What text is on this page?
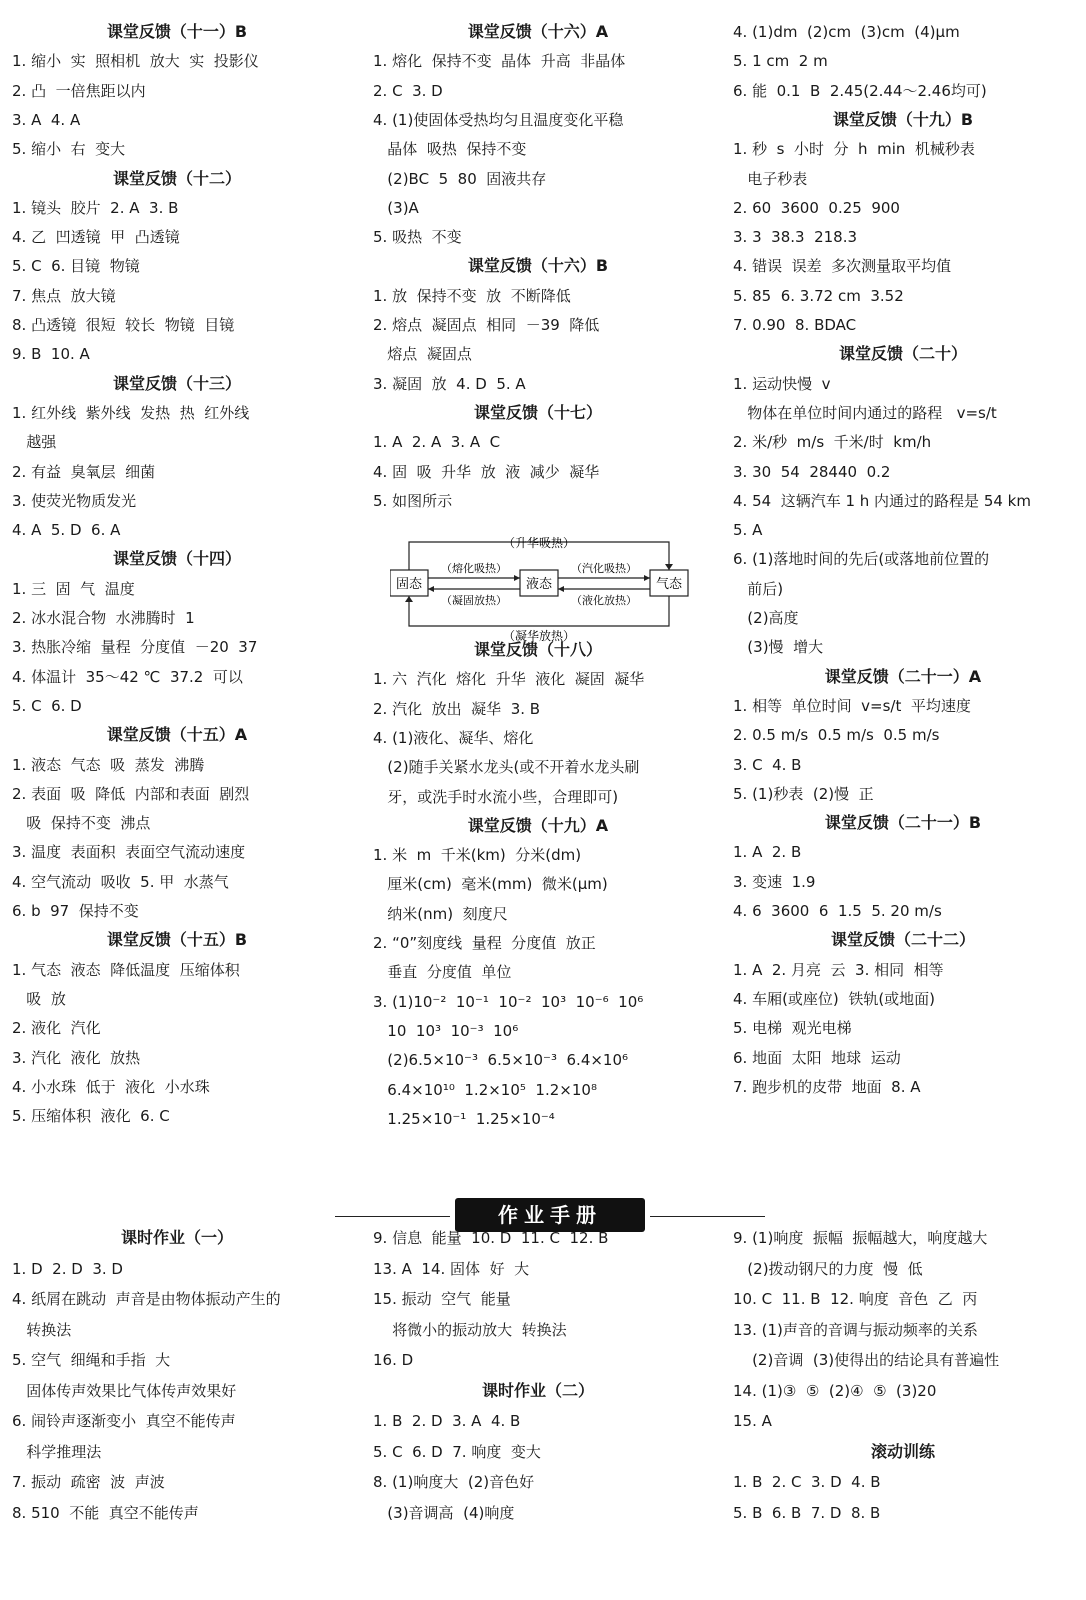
课堂反馈（十一）B
1. 缩小  实  照相机  放大  实  投影仪
2. 凸  一倍焦距以内
3. A  4. A
5. 缩小  右  变大
课堂反馈（十二）
1. 镜头  胶片  2. A  3. B
4. 乙  凹透镜  甲  凸透镜
5. C  6. 目镜  物镜
7. 焦点  放大镜
8. 凸透镜  很短  较长  物镜  目镜
9. B  10. A
课堂反馈（十三）
1. 红外线  紫外线  发热  热  红外线
越强
2. 有益  臭氧层  细菌
3. 使荧光物质发光
4. A  5. D  6. A
课堂反馈（十四）
1. 三  固  气  温度
2. 冰水混合物  水沸腾时  1
3. 热胀冷缩  量程  分度值  －20  37
4. 体温计  35～42 ℃  37.2  可以
5. C  6. D
课堂反馈（十五）A
1. 液态  气态  吸  蒸发  沸腾
2. 表面  吸  降低  内部和表面  剧烈
吸  保持不变  沸点
3. 温度  表面积  表面空气流动速度
4. 空气流动  吸收  5. 甲  水蒸气
6. b  97  保持不变
课堂反馈（十五）B
1. 气态  液态  降低温度  压缩体积
吸  放
2. 液化  汽化
3. 汽化  液化  放热
4. 小水珠  低于  液化  小水珠
5. 压缩体积  液化  6. C
课堂反馈（十六）A
1. 熔化  保持不变  晶体  升高  非晶体
2. C  3. D
4. (1)使固体受热均匀且温度变化平稳
晶体  吸热  保持不变
(2)BC  5  80  固液共存
(3)A
5. 吸热  不变
课堂反馈（十六）B
1. 放  保持不变  放  不断降低
2. 熔点  凝固点  相同  －39  降低
熔点  凝固点
3. 凝固  放  4. D  5. A
课堂反馈（十七）
1. A  2. A  3. A  C
4. 固  吸  升华  放  液  减少  凝华
5. 如图所示
4. (1)dm  (2)cm  (3)cm  (4)μm
5. 1 cm  2 m
6. 能  0.1  B  2.45(2.44～2.46均可)
课堂反馈（十九）B
1. 秒  s  小时  分  h  min  机械秒表
电子秒表
2. 60  3600  0.25  900
3. 3  38.3  218.3
4. 错误  误差  多次测量取平均值
5. 85  6. 3.72 cm  3.52
7. 0.90  8. BDAC
课堂反馈（二十）
1. 运动快慢  v
物体在单位时间内通过的路程   v=s/t
2. 米/秒  m/s  千米/时  km/h
3. 30  54  28440  0.2
4. 54  这辆汽车 1 h 内通过的路程是 54 km
5. A
6. (1)落地时间的先后(或落地前位置的
前后)
(2)高度
(3)慢  增大
课堂反馈（二十一）A
1. 相等  单位时间  v=s/t  平均速度
2. 0.5 m/s  0.5 m/s  0.5 m/s
3. C  4. B
5. (1)秒表  (2)慢  正
课堂反馈（二十一）B
1. A  2. B
3. 变速  1.9
4. 6  3600  6  1.5  5. 20 m/s
课堂反馈（二十二）
1. A  2. 月亮  云  3. 相同  相等
4. 车厢(或座位)  铁轨(或地面)
5. 电梯  观光电梯
6. 地面  太阳  地球  运动
7. 跑步机的皮带  地面  8. A
固态	液态	气态
（升华吸热）
（凝华放热）
（熔化吸热）
（凝固放热）
（汽化吸热）
（液化放热）
课堂反馈（十八）
1. 六  汽化  熔化  升华  液化  凝固  凝华
2. 汽化  放出  凝华  3. B
4. (1)液化、凝华、熔化
(2)随手关紧水龙头(或不开着水龙头刷
牙，或洗手时水流小些，合理即可)
课堂反馈（十九）A
1. 米  m  千米(km)  分米(dm)
厘米(cm)  毫米(mm)  微米(μm)
纳米(nm)  刻度尺
2. “0”刻度线  量程  分度值  放正
垂直  分度值  单位
3. (1)10⁻²  10⁻¹  10⁻²  10³  10⁻⁶  10⁶
10  10³  10⁻³  10⁶
(2)6.5×10⁻³  6.5×10⁻³  6.4×10⁶
6.4×10¹⁰  1.2×10⁵  1.2×10⁸
1.25×10⁻¹  1.25×10⁻⁴
作业手册
课时作业（一）
1. D  2. D  3. D
4. 纸屑在跳动  声音是由物体振动产生的
转换法
5. 空气  细绳和手指  大
固体传声效果比气体传声效果好
6. 闹铃声逐渐变小  真空不能传声
科学推理法
7. 振动  疏密  波  声波
8. 510  不能  真空不能传声
9. 信息  能量  10. D  11. C  12. B
13. A  14. 固体  好  大
15. 振动  空气  能量
将微小的振动放大  转换法
16. D
课时作业（二）
1. B  2. D  3. A  4. B
5. C  6. D  7. 响度  变大
8. (1)响度大  (2)音色好
(3)音调高  (4)响度
9. (1)响度  振幅  振幅越大，响度越大
(2)拨动钢尺的力度  慢  低
10. C  11. B  12. 响度  音色  乙  丙
13. (1)声音的音调与振动频率的关系
(2)音调  (3)使得出的结论具有普遍性
14. (1)③  ⑤  (2)④  ⑤  (3)20
15. A
滚动训练
1. B  2. C  3. D  4. B
5. B  6. B  7. D  8. B
